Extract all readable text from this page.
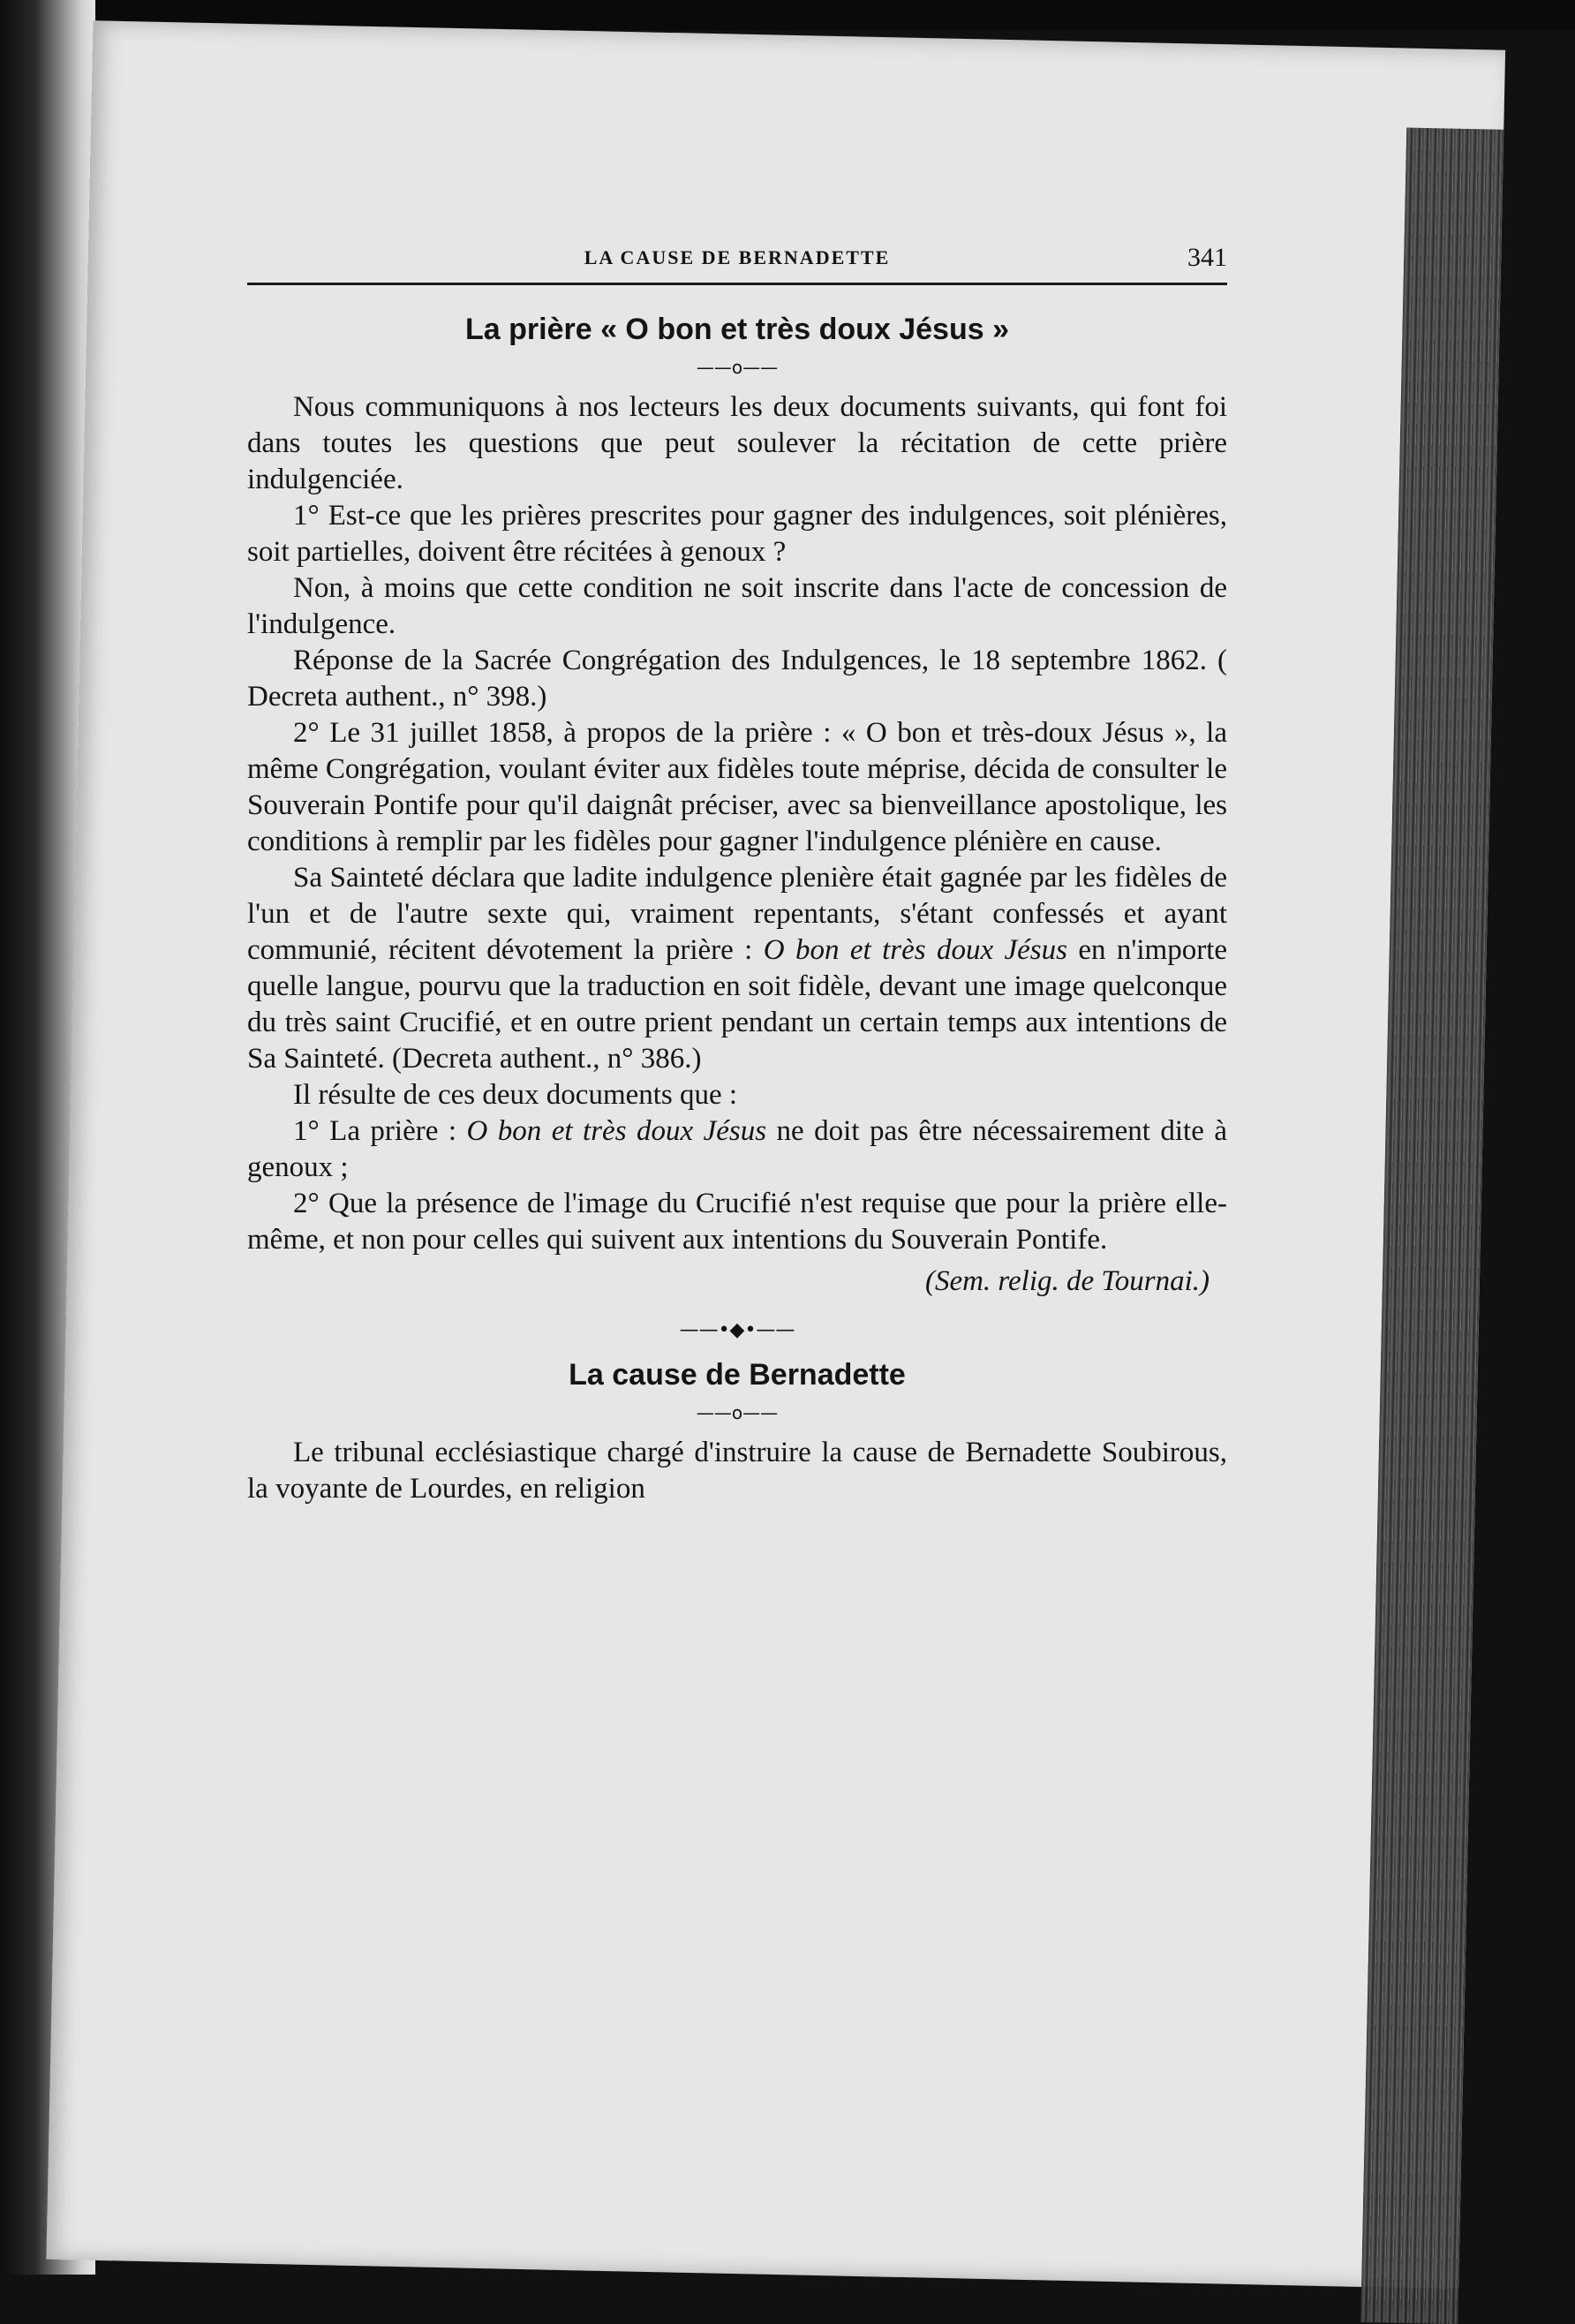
LA CAUSE DE BERNADETTE	341
La prière « O bon et très doux Jésus »
——o——

Nous communiquons à nos lecteurs les deux documents suivants, qui font foi dans toutes les questions que peut soulever la récitation de cette prière indulgenciée.

1° Est-ce que les prières prescrites pour gagner des indulgences, soit plénières, soit partielles, doivent être récitées à genoux ?

Non, à moins que cette condition ne soit inscrite dans l'acte de concession de l'indulgence.

Réponse de la Sacrée Congrégation des Indulgences, le 18 septembre 1862. ( Decreta authent., n° 398.)

2° Le 31 juillet 1858, à propos de la prière : « O bon et très-doux Jésus », la même Congrégation, voulant éviter aux fidèles toute méprise, décida de consulter le Souverain Pontife pour qu'il daignât préciser, avec sa bienveillance apostolique, les conditions à remplir par les fidèles pour gagner l'indulgence plénière en cause.

Sa Sainteté déclara que ladite indulgence plenière était gagnée par les fidèles de l'un et de l'autre sexte qui, vraiment repentants, s'étant confessés et ayant communié, récitent dévotement la prière : O bon et très doux Jésus en n'importe quelle langue, pourvu que la traduction en soit fidèle, devant une image quelconque du très saint Crucifié, et en outre prient pendant un certain temps aux intentions de Sa Sainteté. (Decreta authent., n° 386.)

Il résulte de ces deux documents que :

1° La prière : O bon et très doux Jésus ne doit pas être nécessairement dite à genoux ;

2° Que la présence de l'image du Crucifié n'est requise que pour la prière elle-même, et non pour celles qui suivent aux intentions du Souverain Pontife.

(Sem. relig. de Tournai.)
——•◆•——
La cause de Bernadette
——o——

Le tribunal ecclésiastique chargé d'instruire la cause de Bernadette Soubirous, la voyante de Lourdes, en religion
